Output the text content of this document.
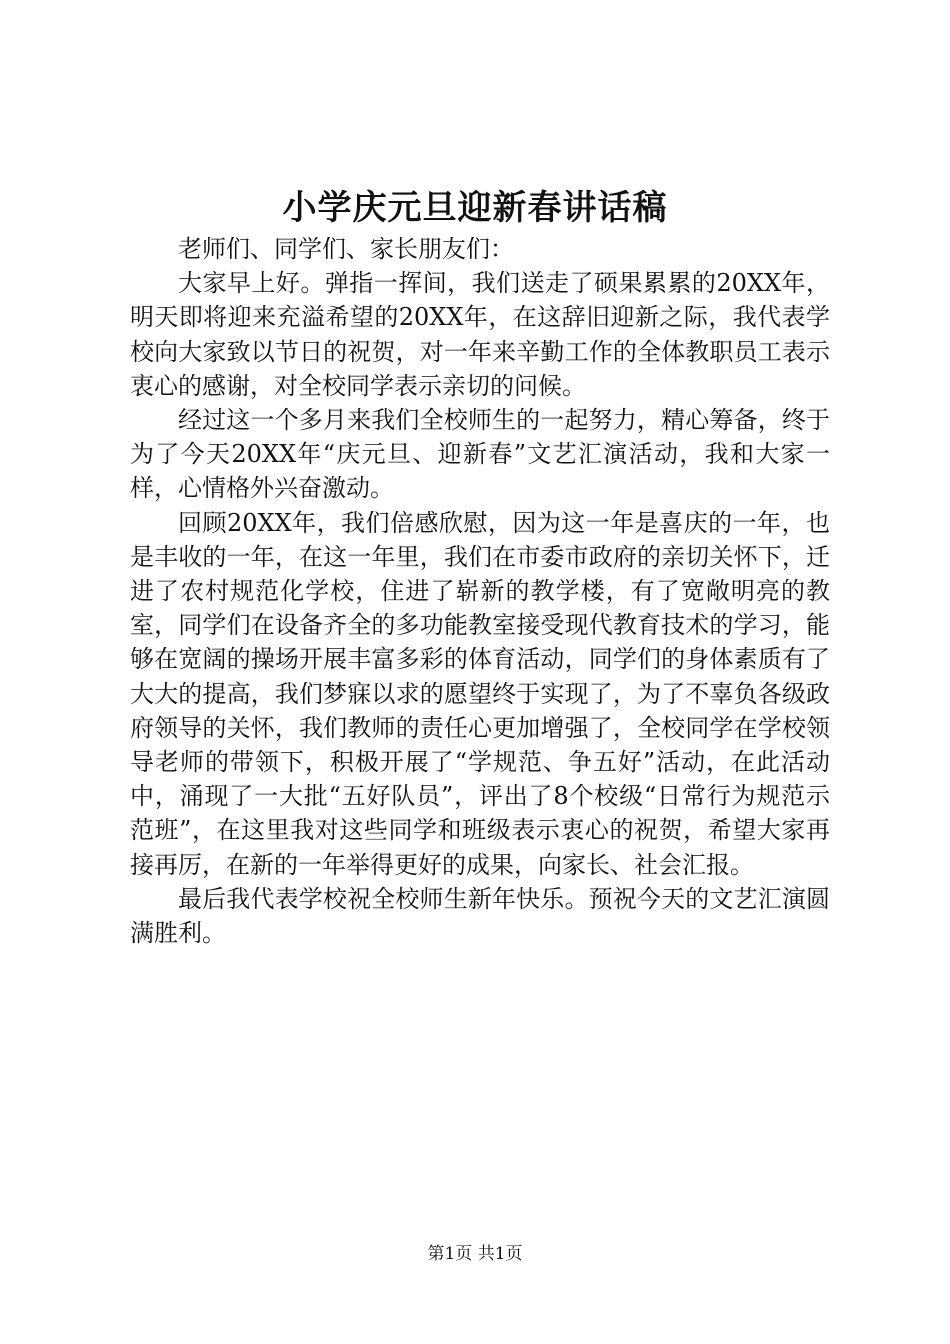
小学庆元旦迎新春讲话稿

老师们、同学们、家长朋友们：

大家早上好。弹指一挥间，我们送走了硕果累累的20XX年，明天即将迎来充溢希望的20XX年，在这辞旧迎新之际，我代表学校向大家致以节日的祝贺，对一年来辛勤工作的全体教职员工表示衷心的感谢，对全校同学表示亲切的问候。

经过这一个多月来我们全校师生的一起努力，精心筹备，终于为了今天20XX年“庆元旦、迎新春”文艺汇演活动，我和大家一样，心情格外兴奋激动。

回顾20XX年，我们倍感欣慰，因为这一年是喜庆的一年，也是丰收的一年，在这一年里，我们在市委市政府的亲切关怀下，迁进了农村规范化学校，住进了崭新的教学楼，有了宽敞明亮的教室，同学们在设备齐全的多功能教室接受现代教育技术的学习，能够在宽阔的操场开展丰富多彩的体育活动，同学们的身体素质有了大大的提高，我们梦寐以求的愿望终于实现了，为了不辜负各级政府领导的关怀，我们教师的责任心更加增强了，全校同学在学校领导老师的带领下，积极开展了“学规范、争五好”活动，在此活动中，涌现了一大批“五好队员”，评出了8个校级“日常行为规范示范班”，在这里我对这些同学和班级表示衷心的祝贺，希望大家再接再厉，在新的一年举得更好的成果，向家长、社会汇报。

最后我代表学校祝全校师生新年快乐。预祝今天的文艺汇演圆满胜利。

第1页 共1页
